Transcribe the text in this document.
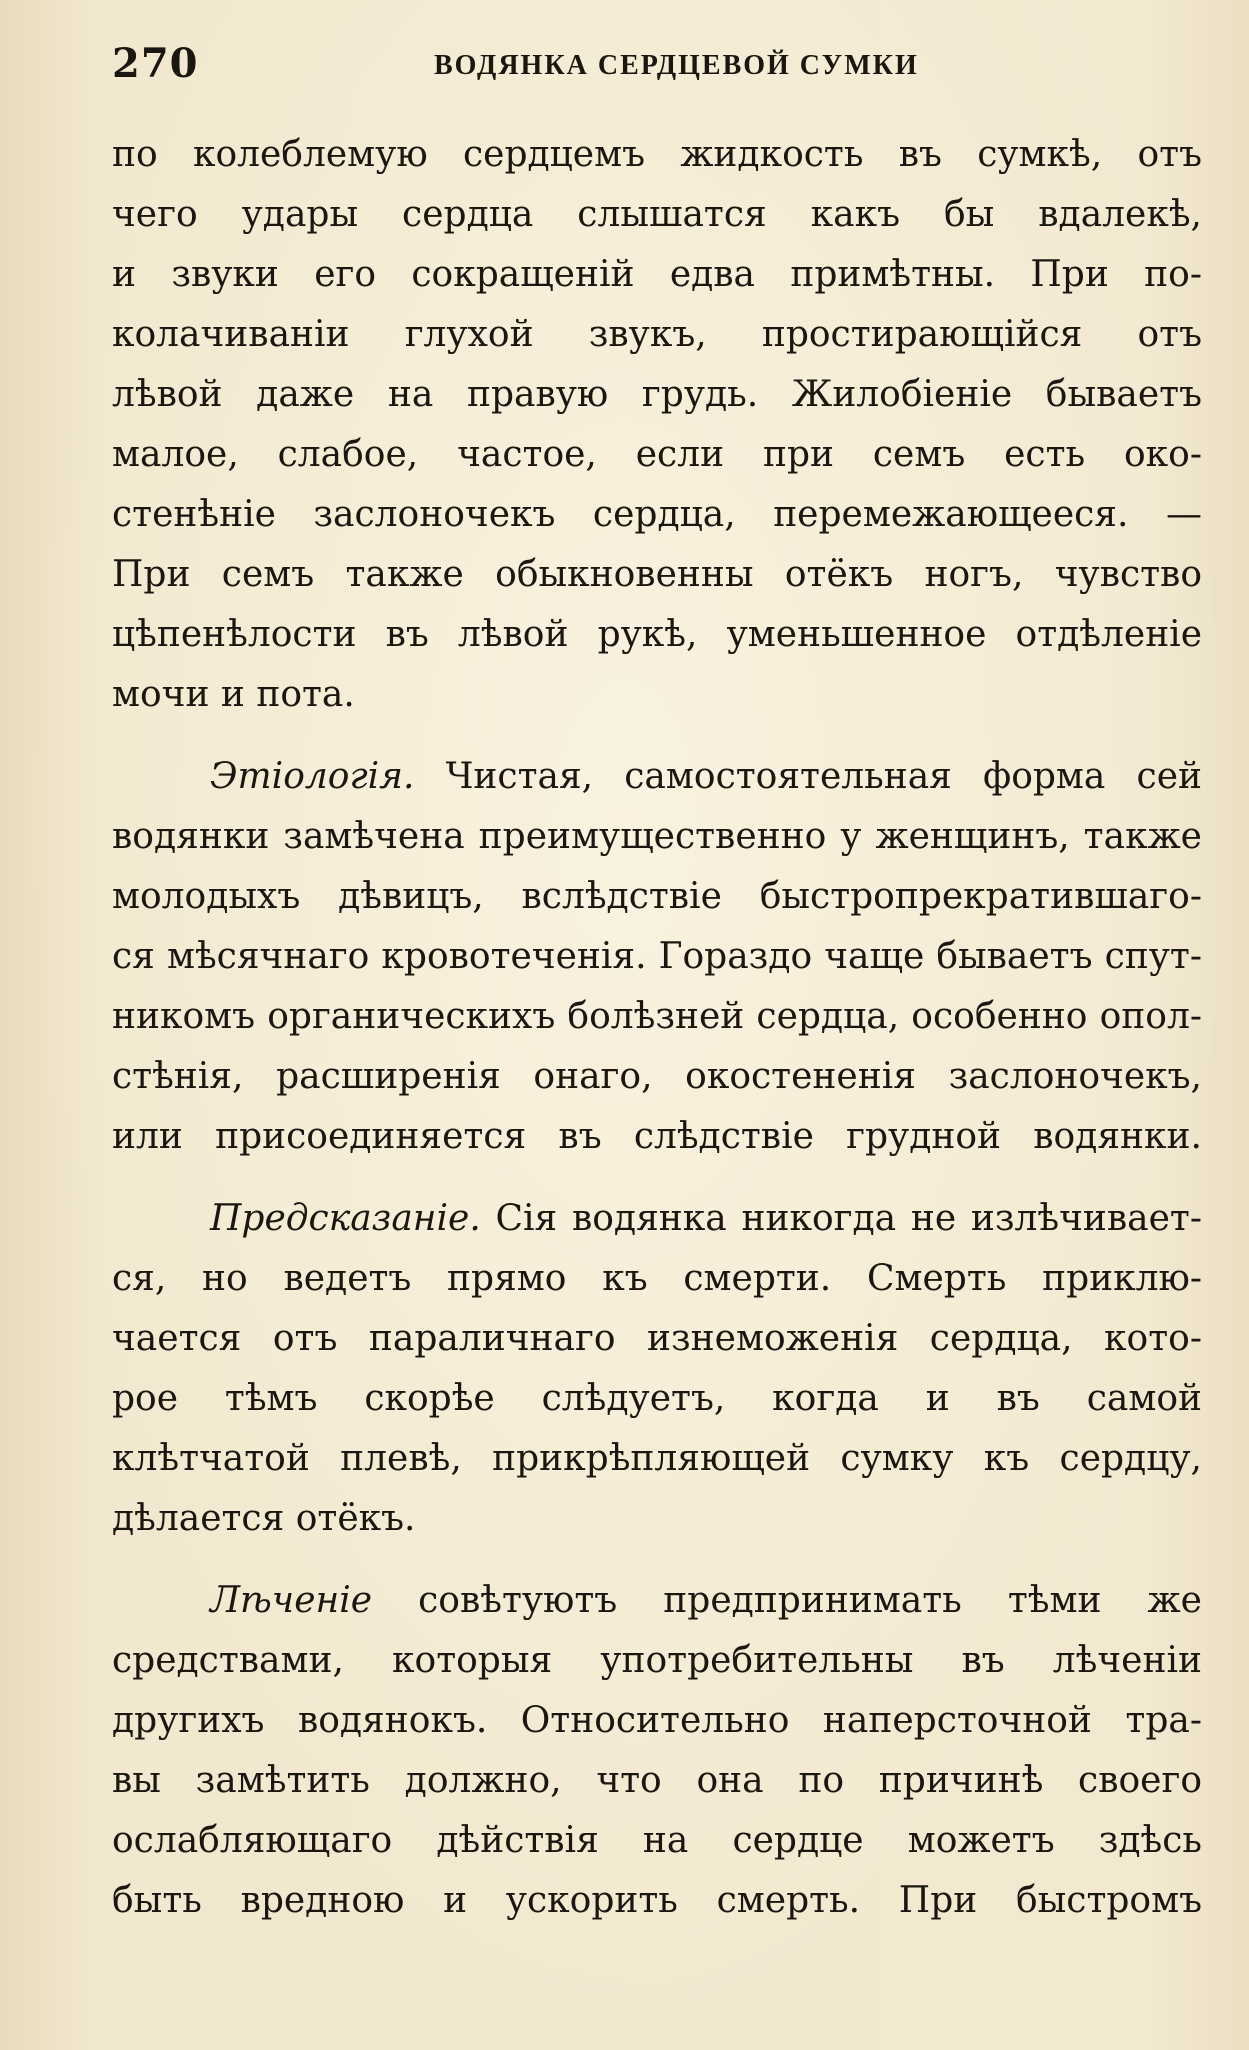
270	ВОДЯНКА СЕРДЦЕВОЙ СУМКИ
по колеблемую сердцемъ жидкость въ сумкѣ, отъ
чего удары сердца слышатся какъ бы вдалекѣ,
и звуки его сокращеній едва примѣтны. При по-
колачиваніи глухой звукъ, простирающійся отъ
лѣвой даже на правую грудь. Жилобіеніе бываетъ
малое, слабое, частое, если при семъ есть око-
стенѣніе заслоночекъ сердца, перемежающееся. —
При семъ также обыкновенны отёкъ ногъ, чувство
цѣпенѣлости въ лѣвой рукѣ, уменьшенное отдѣленіе
мочи и пота.
Этіологія. Чистая, самостоятельная форма сей
водянки замѣчена преимущественно у женщинъ, также
молодыхъ дѣвицъ, вслѣдствіе быстропрекратившаго-
ся мѣсячнаго кровотеченія. Гораздо чаще бываетъ спут-
никомъ органическихъ болѣзней сердца, особенно опол-
стѣнія, расширенія онаго, окостененія заслоночекъ,
или присоединяется въ слѣдствіе грудной водянки.
Предсказаніе. Сія водянка никогда не излѣчивает-
ся, но ведетъ прямо къ смерти. Смерть приклю-
чается отъ параличнаго изнеможенія сердца, кото-
рое тѣмъ скорѣе слѣдуетъ, когда и въ самой
клѣтчатой плевѣ, прикрѣпляющей сумку къ сердцу,
дѣлается отёкъ.
Лѣченіе совѣтуютъ предпринимать тѣми же
средствами, которыя употребительны въ лѣченіи
другихъ водянокъ. Относительно наперсточной тра-
вы замѣтить должно, что она по причинѣ своего
ослабляющаго дѣйствія на сердце можетъ здѣсь
быть вредною и ускорить смерть. При быстромъ
